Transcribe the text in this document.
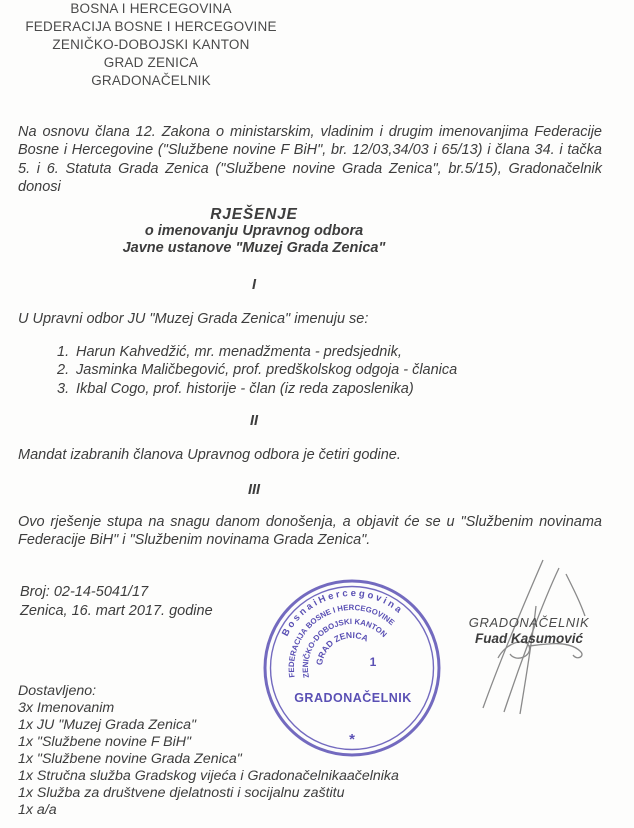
BOSNA I HERCEGOVINA
FEDERACIJA BOSNE I HERCEGOVINE
ZENIČKO-DOBOJSKI KANTON
GRAD ZENICA
GRADONAČELNIK
Na osnovu člana 12. Zakona o ministarskim, vladinim i drugim imenovanjima Federacije Bosne i Hercegovine ("Službene novine F BiH", br. 12/03,34/03 i 65/13) i člana 34. i tačka 5. i 6. Statuta Grada Zenica ("Službene novine Grada Zenica", br.5/15), Gradonačelnik donosi
RJEŠENJE
o imenovanju Upravnog odbora
Javne ustanove "Muzej Grada Zenica"
I
U Upravni odbor JU "Muzej Grada Zenica" imenuju se:
1. Harun Kahvedžić, mr. menadžmenta - predsjednik,
2. Jasminka Maličbegović, prof. predškolskog odgoja - članica
3. Ikbal Cogo, prof. historije - član (iz reda zaposlenika)
II
Mandat izabranih članova Upravnog odbora je četiri godine.
III
Ovo rješenje stupa na snagu danom donošenja, a objavit će se u "Službenim novinama Federacije BiH" i "Službenim novinama Grada Zenica".
Broj: 02-14-5041/17
Zenica, 16. mart 2017. godine
B o s n a i H e r c e g o v i n a
FEDERACIJA BOSNE I HERCEGOVINE
ZENIČKO-DOBOJSKI KANTON
GRAD ZENICA
1
GRADONAČELNIK
*
GRADONAČELNIK
Fuad Kasumović
Dostavljeno:
3x Imenovanim
1x JU "Muzej Grada Zenica"
1x "Službene novine F BiH"
1x "Službene novine Grada Zenica"
1x Stručna služba Gradskog vijeća i Gradonačelnikaačelnika
1x Služba za društvene djelatnosti i socijalnu zaštitu
1x a/a
